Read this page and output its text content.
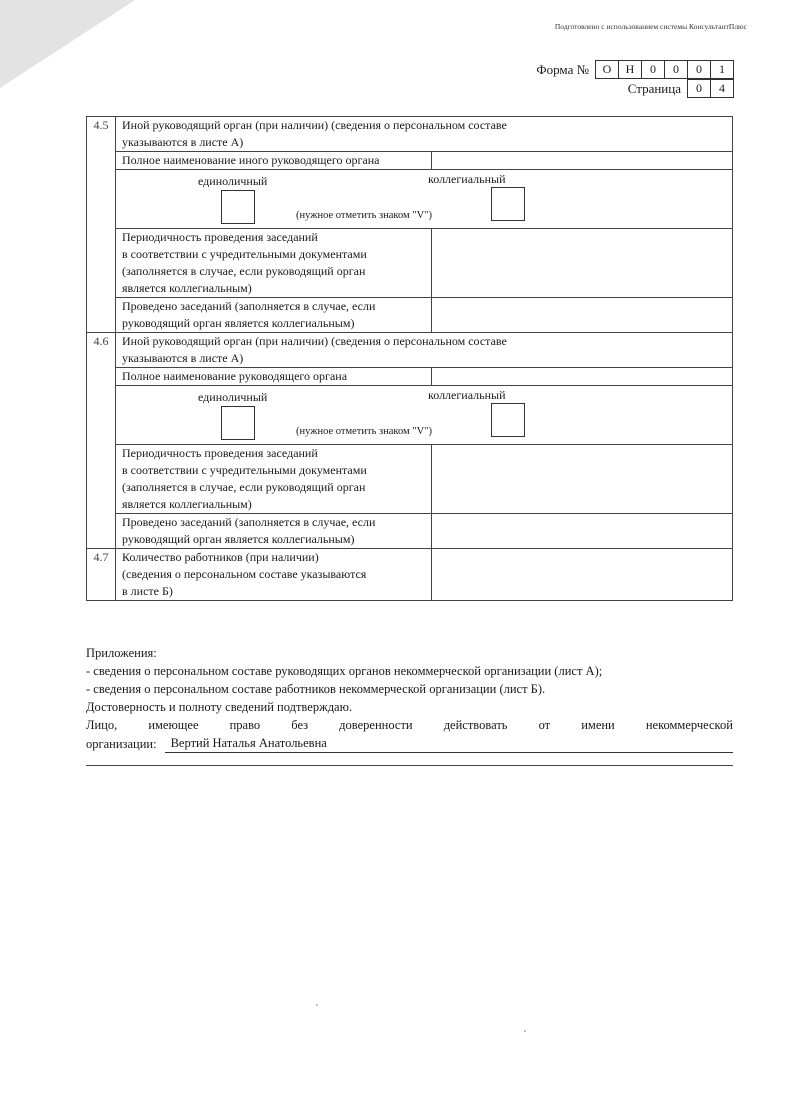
Подготовлено с использованием системы КонсультантПлюс
Форма №	О	Н	0	0	0	1
Страница	0	4
4.5	Иной руководящий орган (при наличии) (сведения о персональном составе
указываются в листе А)	

	Полное наименование иного руководящего органа	

	единоличный коллегиальный
(нужное отметить знаком "V")	

	Периодичность проведения заседаний
в соответствии с учредительными документами
(заполняется в случае, если руководящий орган
является коллегиальным)	

	Проведено заседаний (заполняется в случае, если
руководящий орган является коллегиальным)	

4.6	Иной руководящий орган (при наличии) (сведения о персональном составе
указываются в листе А)	

	Полное наименование руководящего органа	

	единоличный коллегиальный
(нужное отметить знаком "V")	

	Периодичность проведения заседаний
в соответствии с учредительными документами
(заполняется в случае, если руководящий орган
является коллегиальным)	

	Проведено заседаний (заполняется в случае, если
руководящий орган является коллегиальным)	

4.7	Количество работников (при наличии)
(сведения о персональном составе указываются
в листе Б)	

Приложения:
- сведения о персональном составе руководящих органов некоммерческой организации (лист А);
- сведения о персональном составе работников некоммерческой организации (лист Б).
Достоверность и полноту сведений подтверждаю.
Лицо, имеющее право без доверенности действовать от имени некоммерческой
организации:	Вертий Наталья Анатольевна
